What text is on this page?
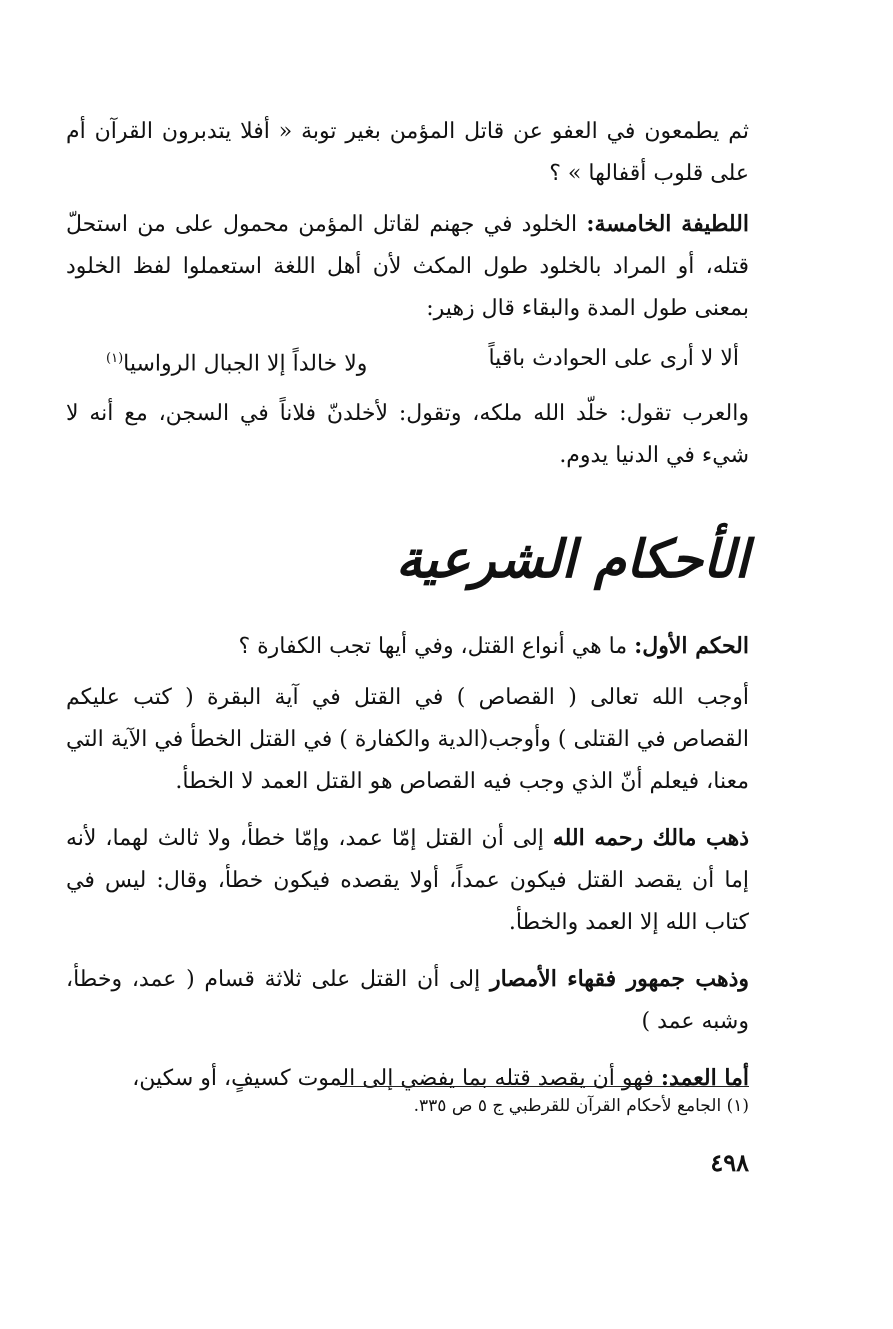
ثم يطمعون في العفو عن قاتل المؤمن بغير توبة « أفلا يتدبرون القرآن أم على قلوب أقفالها » ؟

اللطيفة الخامسة: الخلود في جهنم لقاتل المؤمن محمول على من استحلّ قتله، أو المراد بالخلود طول المكث لأن أهل اللغة استعملوا لفظ الخلود بمعنى طول المدة والبقاء قال زهير:

ألا لا أرى على الحوادث باقياً
ولا خالداً إلا الجبال الرواسيا$^{(١)}$

والعرب تقول: خلّد الله ملكه، وتقول: لأخلدنّ فلاناً في السجن، مع أنه لا شيء في الدنيا يدوم.

الأحكام الشرعية

الحكم الأول: ما هي أنواع القتل، وفي أيها تجب الكفارة ؟

أوجب الله تعالى ( القصاص ) في القتل في آية البقرة ( كتب عليكم القصاص في القتلى ) وأوجب(الدية والكفارة ) في القتل الخطأ في الآية التي معنا، فيعلم أنّ الذي وجب فيه القصاص هو القتل العمد لا الخطأ.

ذهب مالك رحمه الله إلى أن القتل إمّا عمد، وإمّا خطأ، ولا ثالث لهما، لأنه إما أن يقصد القتل فيكون عمداً، أولا يقصده فيكون خطأ، وقال: ليس في كتاب الله إلا العمد والخطأ.

وذهب جمهور فقهاء الأمصار إلى أن القتل على ثلاثة قسام ( عمد، وخطأ، وشبه عمد )

أما العمد: فهو أن يقصد قتله بما يفضي إلى الموت كسيفٍ، أو سكين،

(١) الجامع لأحكام القرآن للقرطبي ج ٥ ص ٣٣٥.
٤٩٨
